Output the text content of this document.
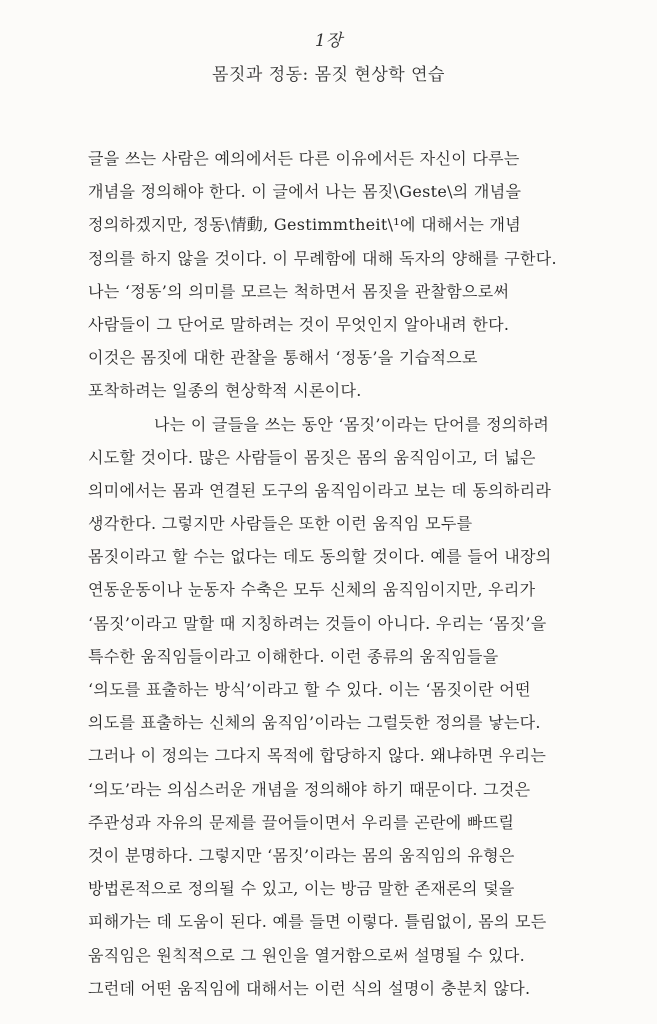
1장
몸짓과 정동: 몸짓 현상학 연습
글을 쓰는 사람은 예의에서든 다른 이유에서든 자신이 다루는
개념을 정의해야 한다. 이 글에서 나는 몸짓\Geste\의 개념을
정의하겠지만, 정동\情動, Gestimmtheit\¹에 대해서는 개념
정의를 하지 않을 것이다. 이 무례함에 대해 독자의 양해를 구한다.
나는 ‘정동’의 의미를 모르는 척하면서 몸짓을 관찰함으로써
사람들이 그 단어로 말하려는 것이 무엇인지 알아내려 한다.
이것은 몸짓에 대한 관찰을 통해서 ‘정동’을 기습적으로
포착하려는 일종의 현상학적 시론이다.
나는 이 글들을 쓰는 동안 ‘몸짓’이라는 단어를 정의하려
시도할 것이다. 많은 사람들이 몸짓은 몸의 움직임이고, 더 넓은
의미에서는 몸과 연결된 도구의 움직임이라고 보는 데 동의하리라
생각한다. 그렇지만 사람들은 또한 이런 움직임 모두를
몸짓이라고 할 수는 없다는 데도 동의할 것이다. 예를 들어 내장의
연동운동이나 눈동자 수축은 모두 신체의 움직임이지만, 우리가
‘몸짓’이라고 말할 때 지칭하려는 것들이 아니다. 우리는 ‘몸짓’을
특수한 움직임들이라고 이해한다. 이런 종류의 움직임들을
‘의도를 표출하는 방식’이라고 할 수 있다. 이는 ‘몸짓이란 어떤
의도를 표출하는 신체의 움직임’이라는 그럴듯한 정의를 낳는다.
그러나 이 정의는 그다지 목적에 합당하지 않다. 왜냐하면 우리는
‘의도’라는 의심스러운 개념을 정의해야 하기 때문이다. 그것은
주관성과 자유의 문제를 끌어들이면서 우리를 곤란에 빠뜨릴
것이 분명하다. 그렇지만 ‘몸짓’이라는 몸의 움직임의 유형은
방법론적으로 정의될 수 있고, 이는 방금 말한 존재론의 덫을
피해가는 데 도움이 된다. 예를 들면 이렇다. 틀림없이, 몸의 모든
움직임은 원칙적으로 그 원인을 열거함으로써 설명될 수 있다.
그런데 어떤 움직임에 대해서는 이런 식의 설명이 충분치 않다.
